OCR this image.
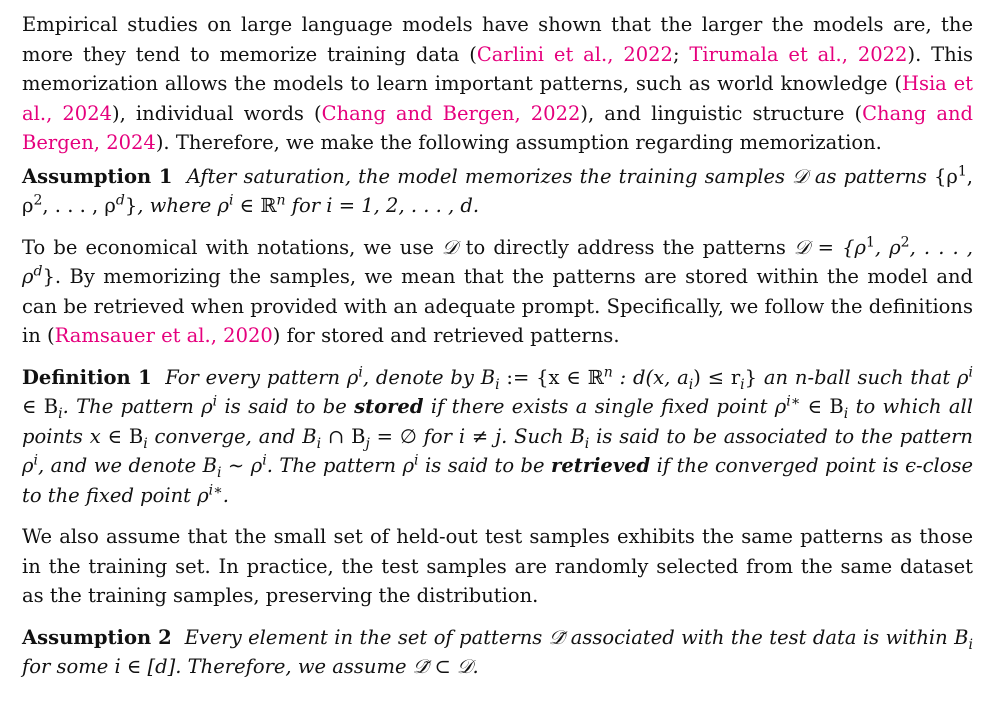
Empirical studies on large language models have shown that the larger the models are, the more they tend to memorize training data (Carlini et al., 2022; Tirumala et al., 2022). This memorization allows the models to learn important patterns, such as world knowledge (Hsia et al., 2024), individual words (Chang and Bergen, 2022), and linguistic structure (Chang and Bergen, 2024). Therefore, we make the following assumption regarding memorization.

Assumption 1 After saturation, the model memorizes the training samples 𝒟 as patterns {$\rho^1$, $\rho^2$, . . . , $\rho^d$}, where $\rho^i$ ∈ ℝ$^n$ for i = 1, 2, . . . , d.

To be economical with notations, we use 𝒟 to directly address the patterns 𝒟 = {$\rho^1$, $\rho^2$, . . . , $\rho^d$}. By memorizing the samples, we mean that the patterns are stored within the model and can be retrieved when provided with an adequate prompt. Specifically, we follow the definitions in (Ramsauer et al., 2020) for stored and retrieved patterns.

Definition 1 For every pattern $\rho^i$, denote by $B_i$ := {x ∈ ℝ$^n$ : d(x, $a_i) \le r_i$} an n-ball such that $\rho^i$ ∈ $B_i$. The pattern $\rho^i$ is said to be stored if there exists a single fixed point $\rho^{i∗}$ ∈ $B_i$ to which all points x ∈ $B_i$ converge, and $B_i$ ∩ $B_j$ = ∅ for i ≠ j. Such $B_i$ is said to be associated to the pattern $\rho^i$, and we denote $B_i$ ∼ $\rho^i$. The pattern $\rho^i$ is said to be retrieved if the converged point is ϵ-close to the fixed point $\rho^{i∗}$.

We also assume that the small set of held-out test samples exhibits the same patterns as those in the training set. In practice, the test samples are randomly selected from the same dataset as the training samples, preserving the distribution.

Assumption 2 Every element in the set of patterns 𝒟̃ associated with the test data is within $B_i$ for some i ∈ [d]. Therefore, we assume 𝒟̃ ⊂ 𝒟.
